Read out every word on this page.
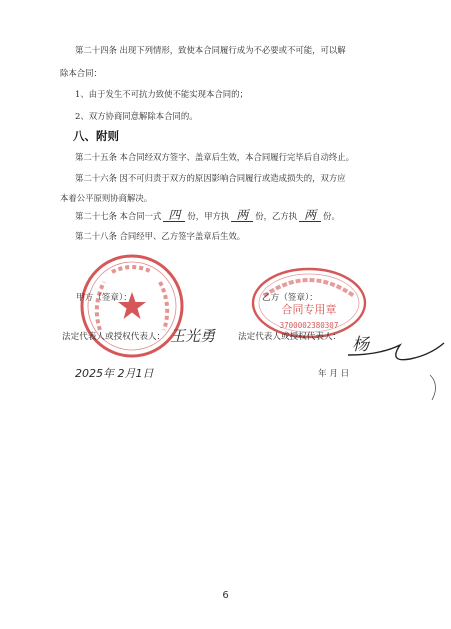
第二十四条 出现下列情形，致使本合同履行成为不必要或不可能，可以解
除本合同：
1、由于发生不可抗力致使不能实现本合同的；
2、双方协商同意解除本合同的。
八、附则
第二十五条 本合同经双方签字、盖章后生效，本合同履行完毕后自动终止。
第二十六条 因不可归责于双方的原因影响合同履行或造成损失的，双方应
本着公平原则协商解决。
第二十七条 本合同一式 四 份，甲方执 两 份，乙方执 两 份。
第二十八条 合同经甲、乙方签字盖章后生效。
合同专用章
3700002380307
甲方（签章）：	乙方（签章）：
法定代表人或授权代表人： 王光勇	法定代表人或授权代表人： 杨
2025年 2月1日	年 月 日
6
